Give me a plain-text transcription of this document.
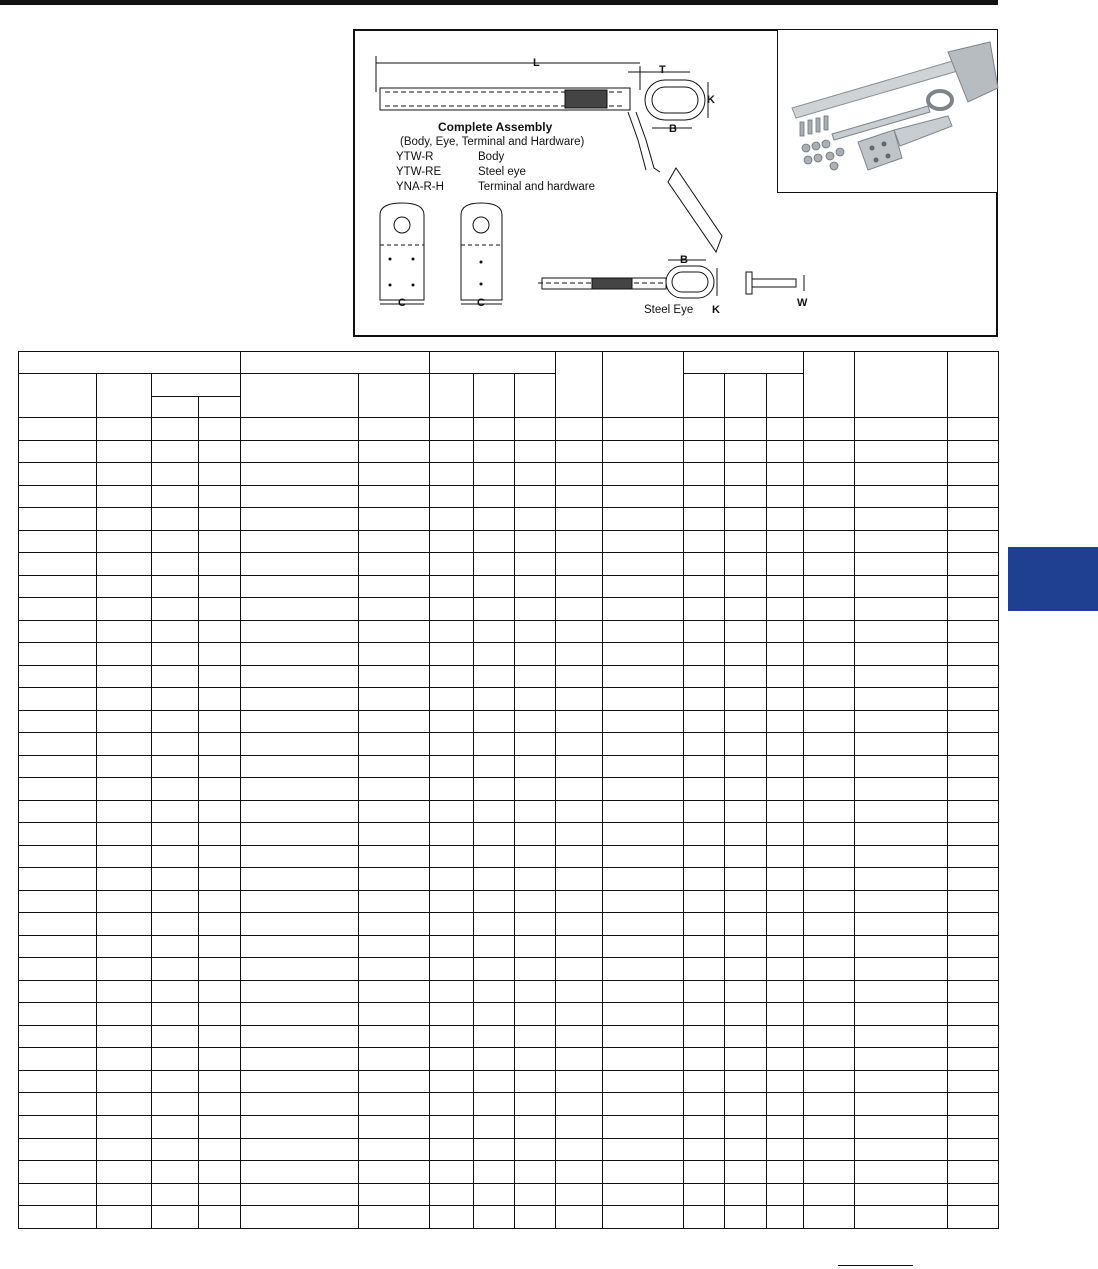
L
T
K
B
C	C
B
K
W
Complete Assembly
(Body, Eye, Terminal and Hardware)
YTW-R	Body
YTW-RE	Steel eye
YNA-R-H	Terminal and hardware
Steel Eye
